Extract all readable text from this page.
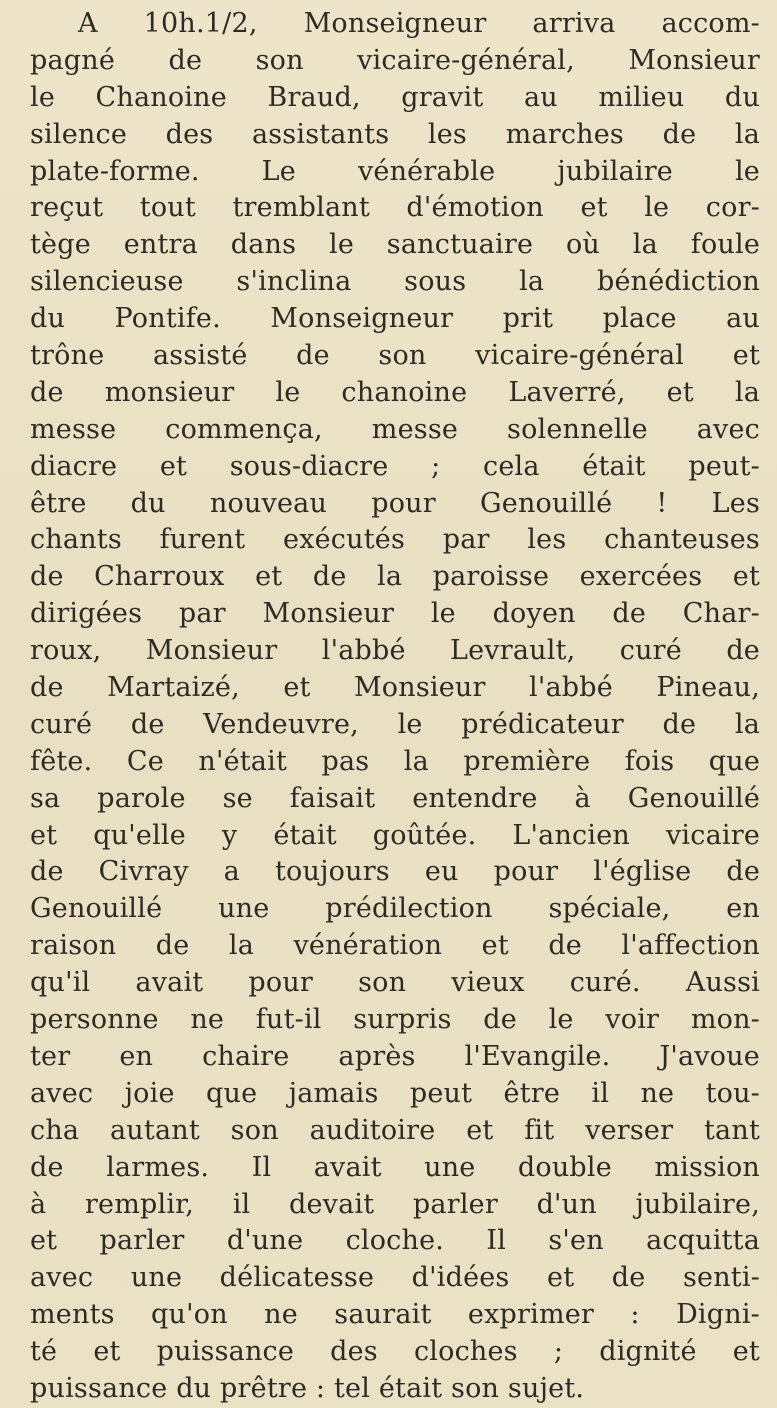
A 10h.1/2, Monseigneur arriva accom-
pagné de son vicaire-général, Monsieur
le Chanoine Braud, gravit au milieu du
silence des assistants les marches de la
plate-forme. Le vénérable jubilaire le
reçut tout tremblant d'émotion et le cor-
tège entra dans le sanctuaire où la foule
silencieuse s'inclina sous la bénédiction
du Pontife. Monseigneur prit place au
trône assisté de son vicaire-général et
de monsieur le chanoine Laverré, et la
messe commença, messe solennelle avec
diacre et sous-diacre ; cela était peut-
être du nouveau pour Genouillé ! Les
chants furent exécutés par les chanteuses
de Charroux et de la paroisse exercées et
dirigées par Monsieur le doyen de Char-
roux, Monsieur l'abbé Levrault, curé de
de Martaizé, et Monsieur l'abbé Pineau,
curé de Vendeuvre, le prédicateur de la
fête. Ce n'était pas la première fois que
sa parole se faisait entendre à Genouillé
et qu'elle y était goûtée. L'ancien vicaire
de Civray a toujours eu pour l'église de
Genouillé une prédilection spéciale, en
raison de la vénération et de l'affection
qu'il avait pour son vieux curé. Aussi
personne ne fut-il surpris de le voir mon-
ter en chaire après l'Evangile. J'avoue
avec joie que jamais peut être il ne tou-
cha autant son auditoire et fit verser tant
de larmes. Il avait une double mission
à remplir, il devait parler d'un jubilaire,
et parler d'une cloche. Il s'en acquitta
avec une délicatesse d'idées et de senti-
ments qu'on ne saurait exprimer : Digni-
té et puissance des cloches ; dignité et
puissance du prêtre : tel était son sujet.
